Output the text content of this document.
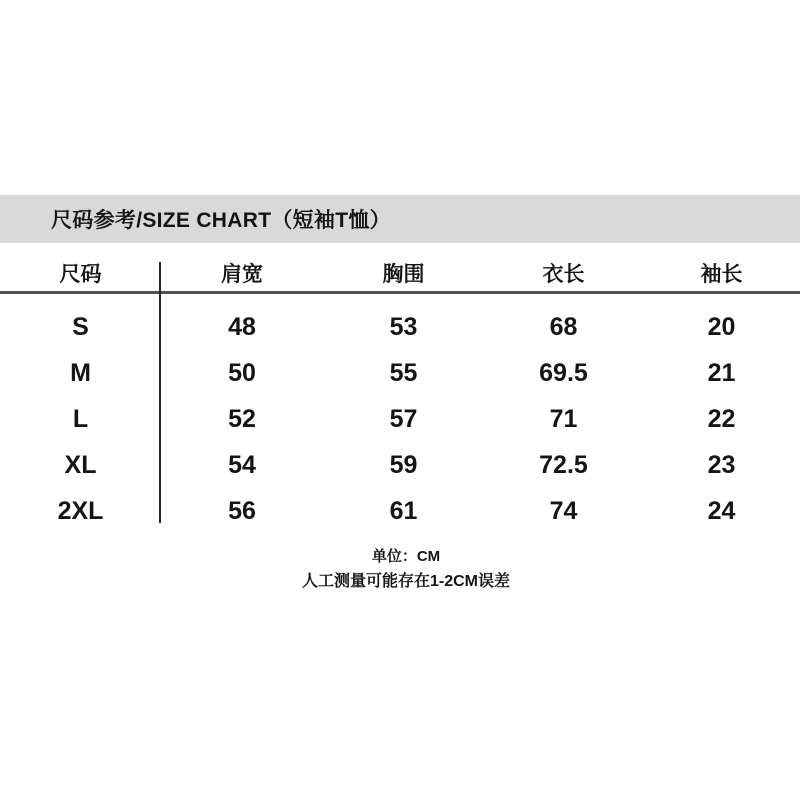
尺码参考/SIZE CHART（短袖T恤）
尺码	肩宽	胸围	衣长	袖长
S	48	53	68	20
M	50	55	69.5	21
L	52	57	71	22
XL	54	59	72.5	23
2XL	56	61	74	24
单位：CM
人工测量可能存在1-2CM误差
